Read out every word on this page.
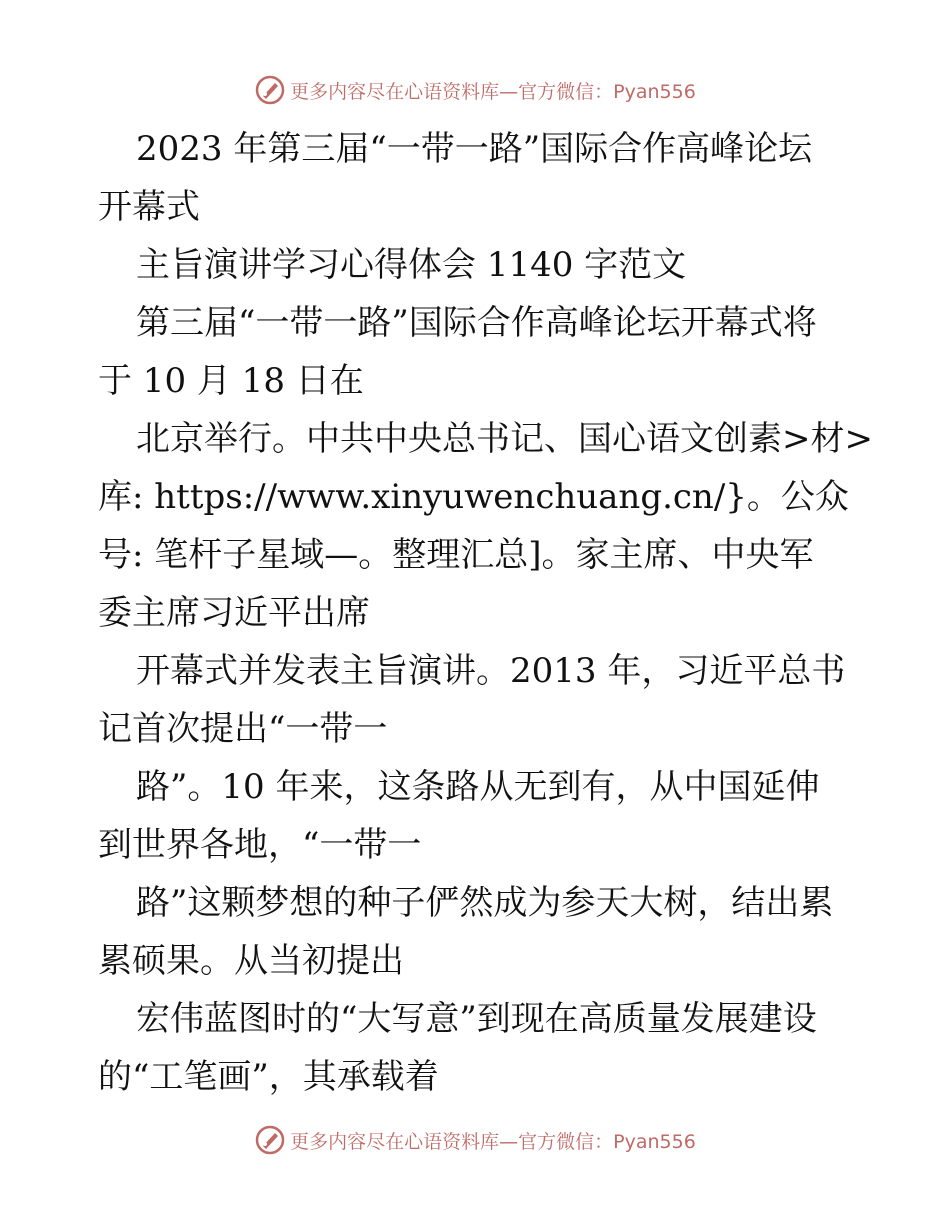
更多内容尽在心语资料库—官方微信：Pyan556
2023 年第三届“一带一路”国际合作高峰论坛
开幕式
主旨演讲学习心得体会 1140 字范文
第三届“一带一路”国际合作高峰论坛开幕式将
于 10 月 18 日在
北京举行。中共中央总书记、国心语文创素>材>
库: https://www.xinyuwenchuang.cn/}。公众
号: 笔杆子星域—。整理汇总]。家主席、中央军
委主席习近平出席
开幕式并发表主旨演讲。2013 年，习近平总书
记首次提出“一带一
路”。10 年来，这条路从无到有，从中国延伸
到世界各地，“一带一
路”这颗梦想的种子俨然成为参天大树，结出累
累硕果。从当初提出
宏伟蓝图时的“大写意”到现在高质量发展建设
的“工笔画”，其承载着
更多内容尽在心语资料库—官方微信：Pyan556
